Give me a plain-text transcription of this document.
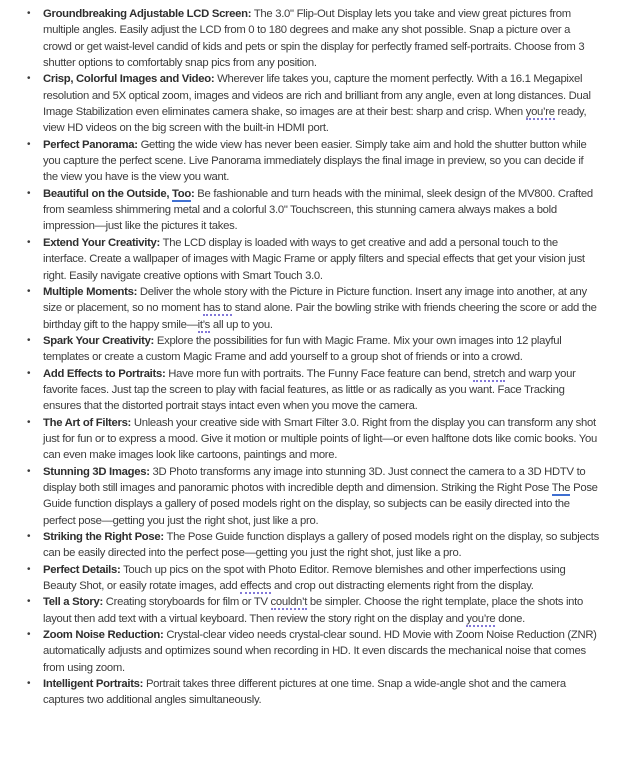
• Groundbreaking Adjustable LCD Screen: The 3.0" Flip-Out Display lets you take and view great pictures from multiple angles. Easily adjust the LCD from 0 to 180 degrees and make any shot possible. Snap a picture over a crowd or get waist-level candid of kids and pets or spin the display for perfectly framed self-portraits. Choose from 3 shutter options to comfortably snap pics from any position.
• Crisp, Colorful Images and Video: Wherever life takes you, capture the moment perfectly. With a 16.1 Megapixel resolution and 5X optical zoom, images and videos are rich and brilliant from any angle, even at long distances. Dual Image Stabilization even eliminates camera shake, so images are at their best: sharp and crisp. When you’re ready, view HD videos on the big screen with the built-in HDMI port.
• Perfect Panorama: Getting the wide view has never been easier. Simply take aim and hold the shutter button while you capture the perfect scene. Live Panorama immediately displays the final image in preview, so you can decide if the view you have is the view you want.
• Beautiful on the Outside, Too: Be fashionable and turn heads with the minimal, sleek design of the MV800. Crafted from seamless shimmering metal and a colorful 3.0" Touchscreen, this stunning camera always makes a bold impression—just like the pictures it takes.
• Extend Your Creativity: The LCD display is loaded with ways to get creative and add a personal touch to the interface. Create a wallpaper of images with Magic Frame or apply filters and special effects that get your vision just right. Easily navigate creative options with Smart Touch 3.0.
• Multiple Moments: Deliver the whole story with the Picture in Picture function. Insert any image into another, at any size or placement, so no moment has to stand alone. Pair the bowling strike with friends cheering the score or add the birthday gift to the happy smile—it’s all up to you.
• Spark Your Creativity: Explore the possibilities for fun with Magic Frame. Mix your own images into 12 playful templates or create a custom Magic Frame and add yourself to a group shot of friends or into a crowd.
• Add Effects to Portraits: Have more fun with portraits. The Funny Face feature can bend, stretch and warp your favorite faces. Just tap the screen to play with facial features, as little or as radically as you want. Face Tracking ensures that the distorted portrait stays intact even when you move the camera.
• The Art of Filters: Unleash your creative side with Smart Filter 3.0. Right from the display you can transform any shot just for fun or to express a mood. Give it motion or multiple points of light—or even halftone dots like comic books. You can even make images look like cartoons, paintings and more.
• Stunning 3D Images: 3D Photo transforms any image into stunning 3D. Just connect the camera to a 3D HDTV to display both still images and panoramic photos with incredible depth and dimension. Striking the Right Pose The Pose Guide function displays a gallery of posed models right on the display, so subjects can be easily directed into the perfect pose—getting you just the right shot, just like a pro.
• Striking the Right Pose: The Pose Guide function displays a gallery of posed models right on the display, so subjects can be easily directed into the perfect pose—getting you just the right shot, just like a pro.
• Perfect Details: Touch up pics on the spot with Photo Editor. Remove blemishes and other imperfections using Beauty Shot, or easily rotate images, add effects and crop out distracting elements right from the display.
• Tell a Story: Creating storyboards for film or TV couldn’t be simpler. Choose the right template, place the shots into layout then add text with a virtual keyboard. Then review the story right on the display and you’re done.
• Zoom Noise Reduction: Crystal-clear video needs crystal-clear sound. HD Movie with Zoom Noise Reduction (ZNR) automatically adjusts and optimizes sound when recording in HD. It even discards the mechanical noise that comes from using zoom.
• Intelligent Portraits: Portrait takes three different pictures at one time. Snap a wide-angle shot and the camera captures two additional angles simultaneously.
